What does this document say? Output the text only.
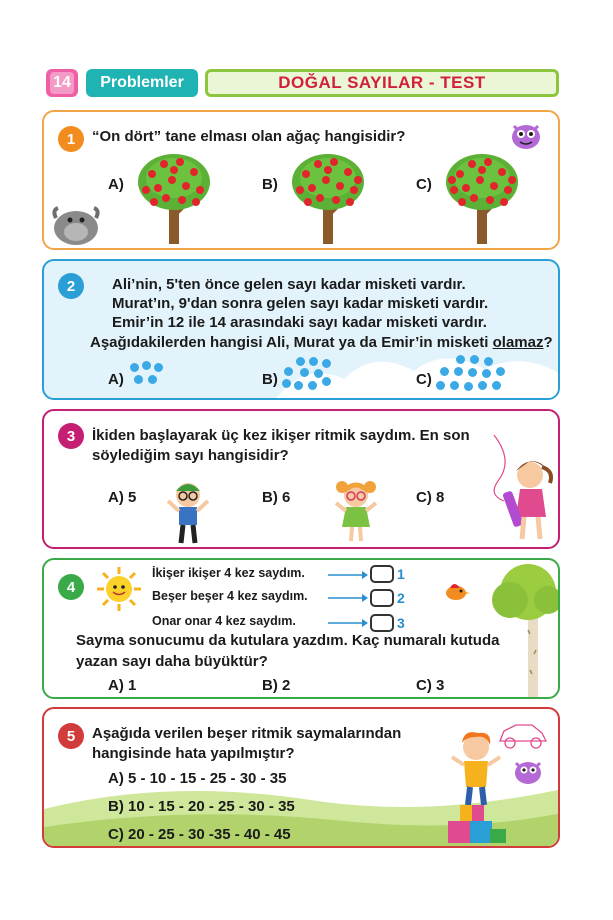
14	Problemler	DOĞAL SAYILAR - TEST
1	“On dört” tane elması olan ağaç hangisidir?
A)	B)	C)
2	Ali’nin, 5'ten önce gelen sayı kadar misketi vardır.
Murat’ın, 9'dan sonra gelen sayı kadar misketi vardır.
Emir’in 12 ile 14 arasındaki sayı kadar misketi vardır.
Aşağıdakilerden hangisi Ali, Murat ya da Emir’in misketi olamaz?
A)	B)	C)
3	İkiden başlayarak üç kez ikişer ritmik saydım. En son
söylediğim sayı hangisidir?
A) 5	B) 6	C) 8
4
İkişer ikişer 4 kez saydım.
Beşer beşer 4 kez saydım.
Onar onar 4 kez saydım.
1
2
3
Sayma sonucumu da kutulara yazdım. Kaç numaralı kutuda
yazan sayı daha büyüktür?
A) 1	B) 2	C) 3
5	Aşağıda verilen beşer ritmik saymalarından
hangisinde hata yapılmıştır?
A) 5 - 10 - 15 - 25 - 30 - 35
B) 10 - 15 - 20 - 25 - 30 - 35
C) 20 - 25 - 30 -35 - 40 - 45
